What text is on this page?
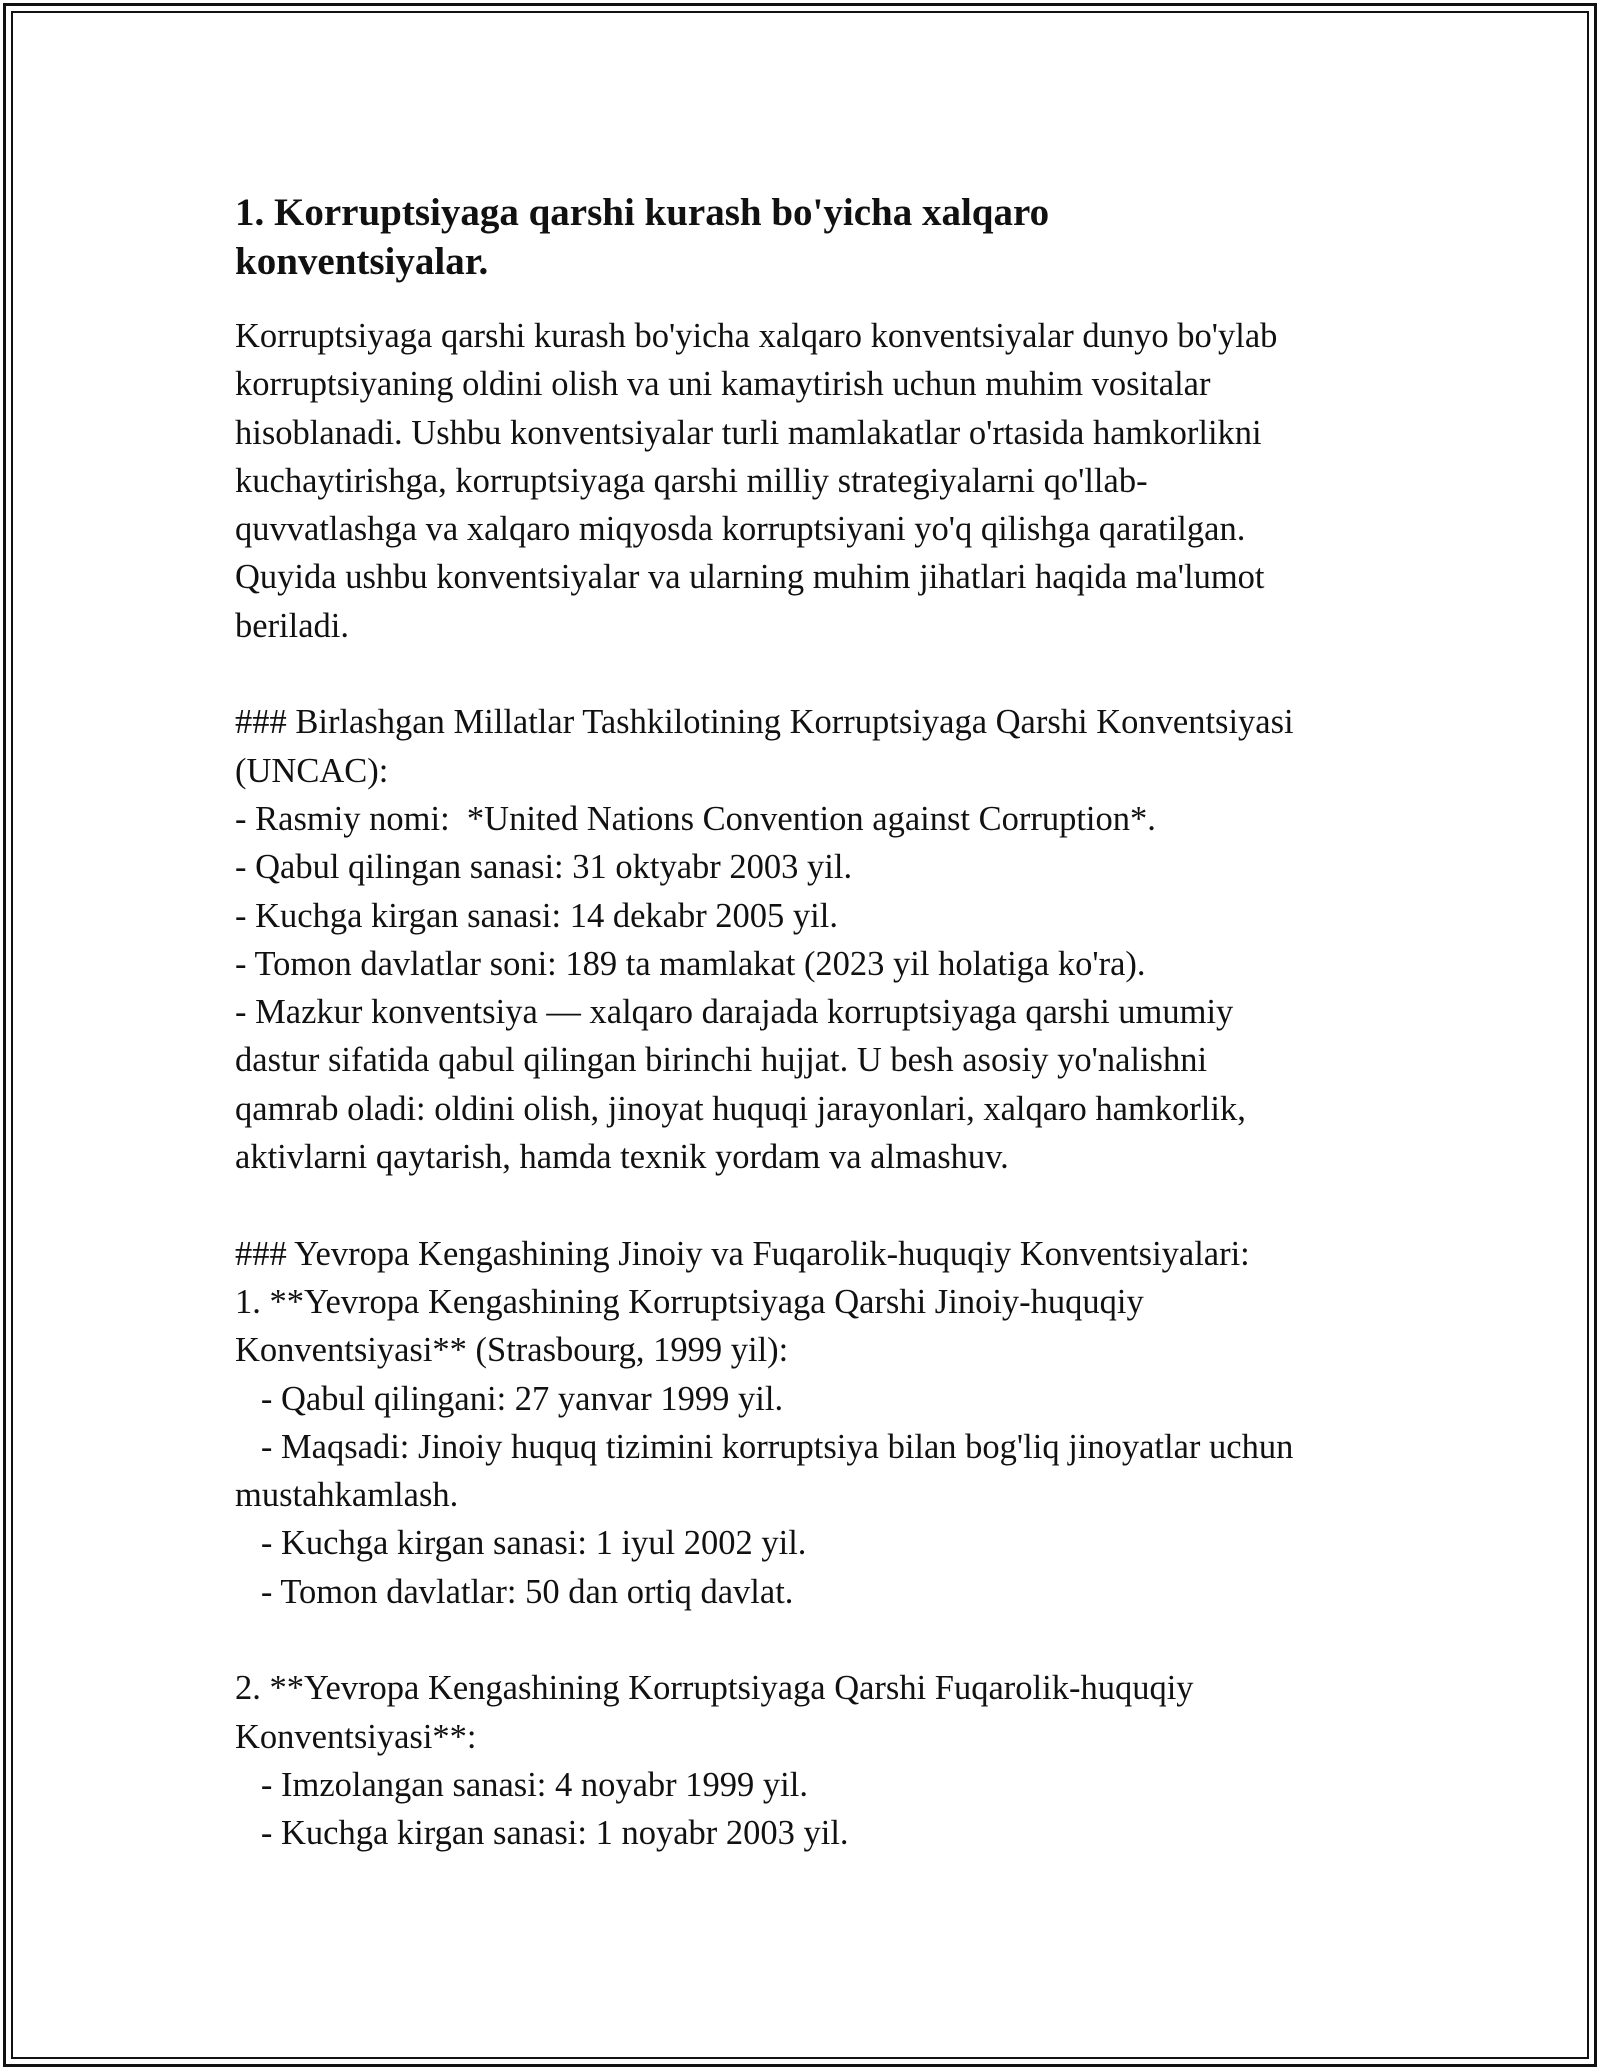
1. Korruptsiyaga qarshi kurash bo'yicha xalqaro
konventsiyalar.

Korruptsiyaga qarshi kurash bo'yicha xalqaro konventsiyalar dunyo bo'ylab
korruptsiyaning oldini olish va uni kamaytirish uchun muhim vositalar
hisoblanadi. Ushbu konventsiyalar turli mamlakatlar o'rtasida hamkorlikni
kuchaytirishga, korruptsiyaga qarshi milliy strategiyalarni qo'llab-
quvvatlashga va xalqaro miqyosda korruptsiyani yo'q qilishga qaratilgan.
Quyida ushbu konventsiyalar va ularning muhim jihatlari haqida ma'lumot
beriladi.

### Birlashgan Millatlar Tashkilotining Korruptsiyaga Qarshi Konventsiyasi
(UNCAC):

- Rasmiy nomi:  *United Nations Convention against Corruption*.

- Qabul qilingan sanasi: 31 oktyabr 2003 yil.

- Kuchga kirgan sanasi: 14 dekabr 2005 yil.

- Tomon davlatlar soni: 189 ta mamlakat (2023 yil holatiga ko'ra).

- Mazkur konventsiya — xalqaro darajada korruptsiyaga qarshi umumiy
dastur sifatida qabul qilingan birinchi hujjat. U besh asosiy yo'nalishni
qamrab oladi: oldini olish, jinoyat huquqi jarayonlari, xalqaro hamkorlik,
aktivlarni qaytarish, hamda texnik yordam va almashuv.

### Yevropa Kengashining Jinoiy va Fuqarolik-huquqiy Konventsiyalari:

1. **Yevropa Kengashining Korruptsiyaga Qarshi Jinoiy-huquqiy
Konventsiyasi** (Strasbourg, 1999 yil):

- Qabul qilingani: 27 yanvar 1999 yil.

- Maqsadi: Jinoiy huquq tizimini korruptsiya bilan bog'liq jinoyatlar uchun
mustahkamlash.

- Kuchga kirgan sanasi: 1 iyul 2002 yil.

- Tomon davlatlar: 50 dan ortiq davlat.

2. **Yevropa Kengashining Korruptsiyaga Qarshi Fuqarolik-huquqiy
Konventsiyasi**:

- Imzolangan sanasi: 4 noyabr 1999 yil.

- Kuchga kirgan sanasi: 1 noyabr 2003 yil.
